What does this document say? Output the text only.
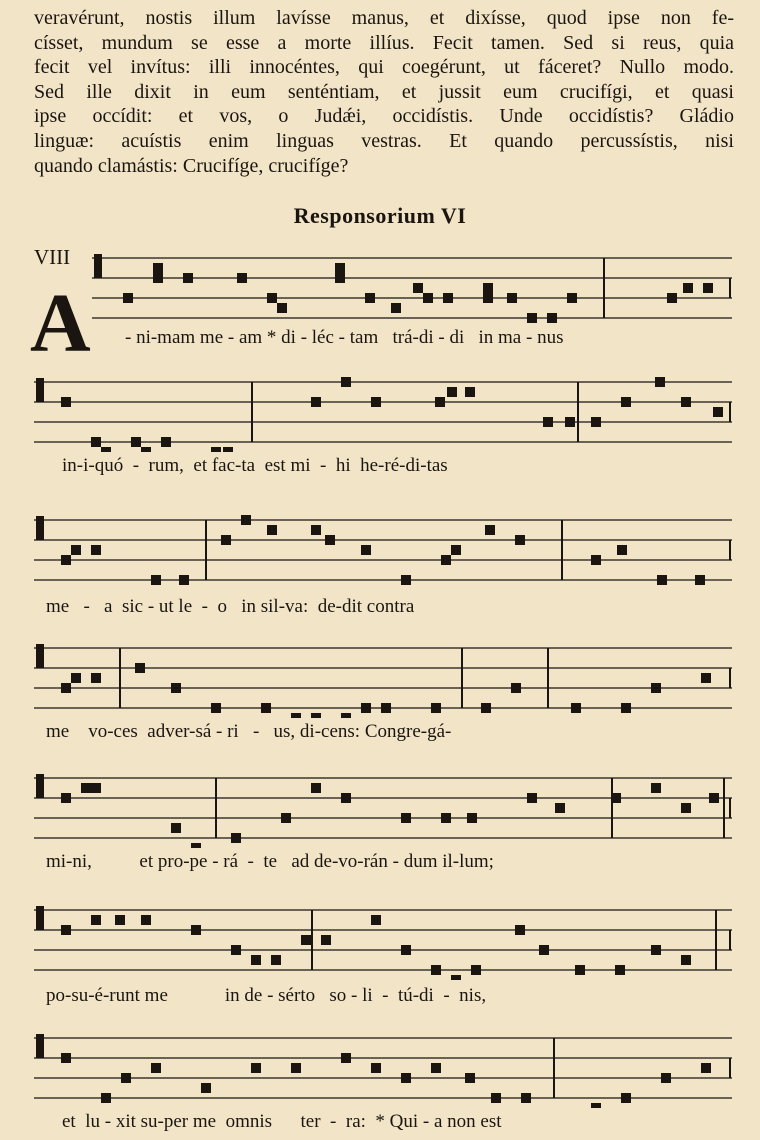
veravérunt, nostis illum lavísse manus, et dixísse, quod ipse non fe-
císset, mundum se esse a morte illíus. Fecit tamen. Sed si reus, quia
fecit vel invítus: illi innocéntes, qui coegérunt, ut fáceret? Nullo modo.
Sed ille dixit in eum senténtiam, et jussit eum crucifígi, et quasi
ipse occídit: et vos, o Judǽi, occidístis. Unde occidístis? Gládio
linguæ: acuístis enim linguas vestras. Et quando percussístis, nisi
quando clamástis: Crucifíge, crucifíge?
Responsorium VI
VIII
A - ni-mam me - am * di - léc - tam   trá-di - di   in ma - nus
in-i-quó  -  rum,  et fac-ta  est mi  -  hi  he-ré-di-tas
me   -   a  sic - ut le  -  o   in sil-va:  de-dit contra
me    vo-ces  adver-sá - ri   -   us, di-cens: Congre-gá-
mi-ni,          et pro-pe - rá  -  te   ad de-vo-rán - dum il-lum;
po-su-é-runt me            in de - sérto   so - li  -  tú-di  -  nis,
et  lu - xit su-per me  omnis      ter  -  ra:  * Qui - a non est
